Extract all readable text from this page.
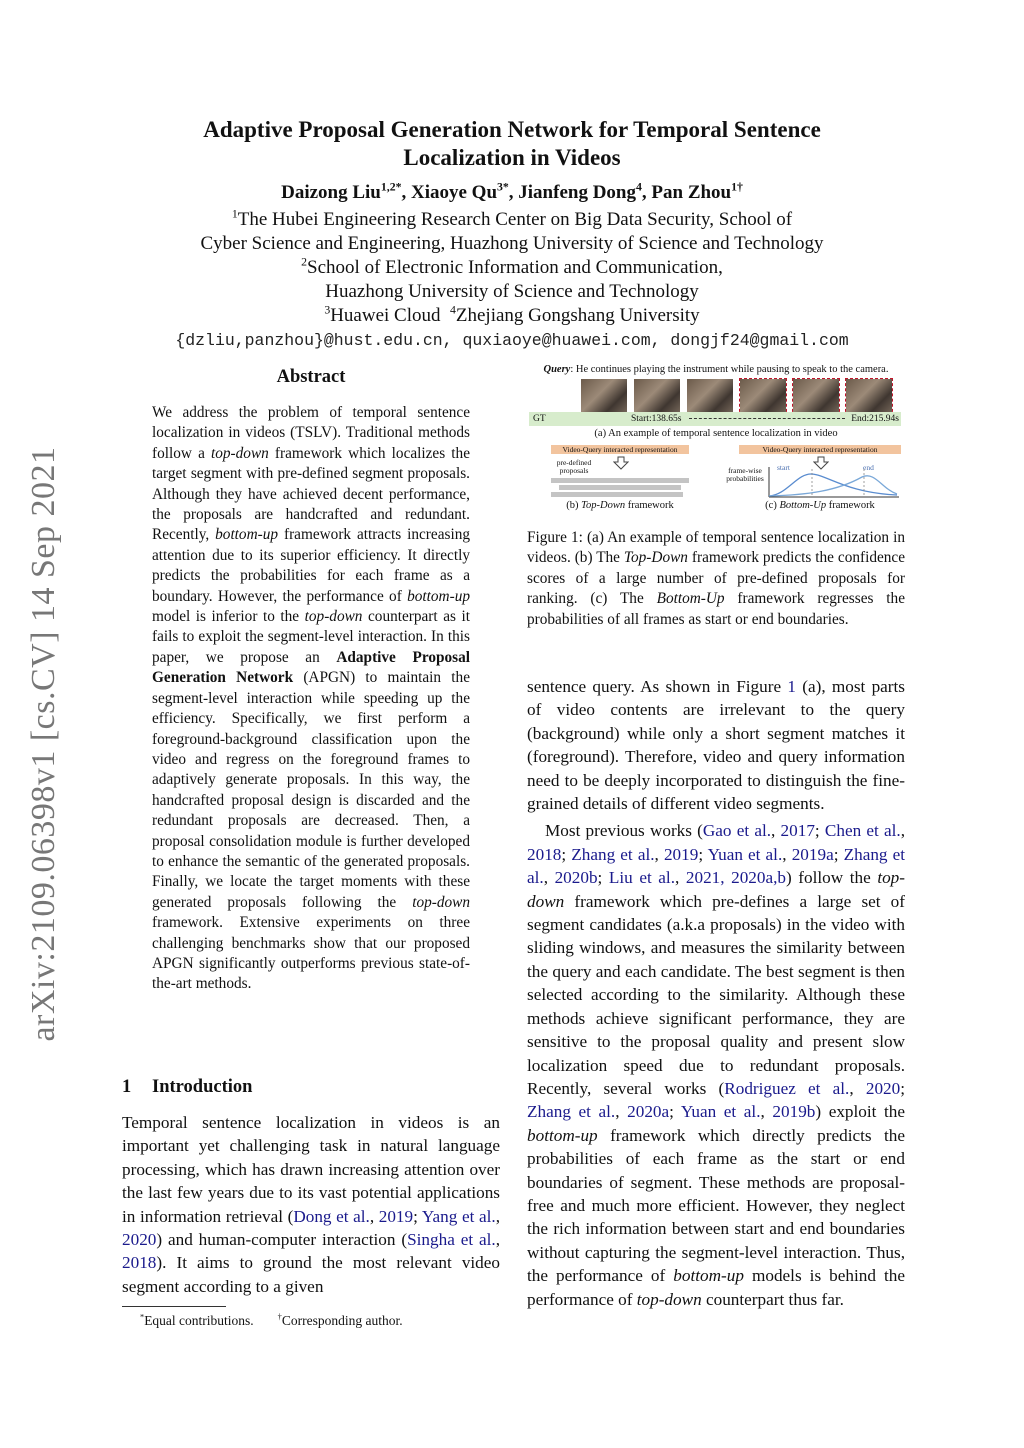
arXiv:2109.06398v1 [cs.CV] 14 Sep 2021
Adaptive Proposal Generation Network for Temporal Sentence
Localization in Videos
Daizong Liu$^{1,2*}$, Xiaoye $Qu^{3*}$, Jianfeng Dong$^4$, Pan Zhou$^{1\dagger}$
$^1$The Hubei Engineering Research Center on Big Data Security, School of
Cyber Science and Engineering, Huazhong University of Science and Technology
$^2$School of Electronic Information and Communication,
Huazhong University of Science and Technology
$^3$Huawei Cloud $^4$Zhejiang Gongshang University
{dzliu,panzhou}@hust.edu.cn, quxiaoye@huawei.com, dongjf24@gmail.com
Abstract
We address the problem of temporal sentence localization in videos (TSLV). Traditional methods follow a top-down framework which localizes the target segment with pre-defined segment proposals. Although they have achieved decent performance, the proposals are handcrafted and redundant. Recently, bottom-up framework attracts increasing attention due to its superior efficiency. It directly predicts the probabilities for each frame as a boundary. However, the performance of bottom-up model is inferior to the top-down counterpart as it fails to exploit the segment-level interaction. In this paper, we propose an Adaptive Proposal Generation Network (APGN) to maintain the segment-level interaction while speeding up the efficiency. Specifically, we first perform a foreground-background classification upon the video and regress on the foreground frames to adaptively generate proposals. In this way, the handcrafted proposal design is discarded and the redundant proposals are decreased. Then, a proposal consolidation module is further developed to enhance the semantic of the generated proposals. Finally, we locate the target moments with these generated proposals following the top-down framework. Extensive experiments on three challenging benchmarks show that our proposed APGN significantly outperforms previous state-of-the-art methods.
1 Introduction

Temporal sentence localization in videos is an important yet challenging task in natural language processing, which has drawn increasing attention over the last few years due to its vast potential applications in information retrieval (Dong et al., 2019; Yang et al., 2020) and human-computer interaction (Singha et al., 2018). It aims to ground the most relevant video segment according to a given

*Equal contributions.	†Corresponding author.
Query: He continues playing the instrument while pausing to speak to the camera.
GT	Start:138.65s	End:215.94s
(a) An example of temporal sentence localization in video
Video-Query interacted representation
pre-defined
proposals
(b) Top-Down framework
Video-Query interacted representation
frame-wise
probabilities
start	end
(c) Bottom-Up framework
Figure 1: (a) An example of temporal sentence localization in videos. (b) The Top-Down framework predicts the confidence scores of a large number of pre-defined proposals for ranking. (c) The Bottom-Up framework regresses the probabilities of all frames as start or end boundaries.

sentence query. As shown in Figure 1 (a), most parts of video contents are irrelevant to the query (background) while only a short segment matches it (foreground). Therefore, video and query information need to be deeply incorporated to distinguish the fine-grained details of different video segments.

Most previous works (Gao et al., 2017; Chen et al., 2018; Zhang et al., 2019; Yuan et al., 2019a; Zhang et al., 2020b; Liu et al., 2021, 2020a,b) follow the top-down framework which pre-defines a large set of segment candidates (a.k.a proposals) in the video with sliding windows, and measures the similarity between the query and each candidate. The best segment is then selected according to the similarity. Although these methods achieve significant performance, they are sensitive to the proposal quality and present slow localization speed due to redundant proposals. Recently, several works (Rodriguez et al., 2020; Zhang et al., 2020a; Yuan et al., 2019b) exploit the bottom-up framework which directly predicts the probabilities of each frame as the start or end boundaries of segment. These methods are proposal-free and much more efficient. However, they neglect the rich information between start and end boundaries without capturing the segment-level interaction. Thus, the performance of bottom-up models is behind the performance of top-down counterpart thus far.
